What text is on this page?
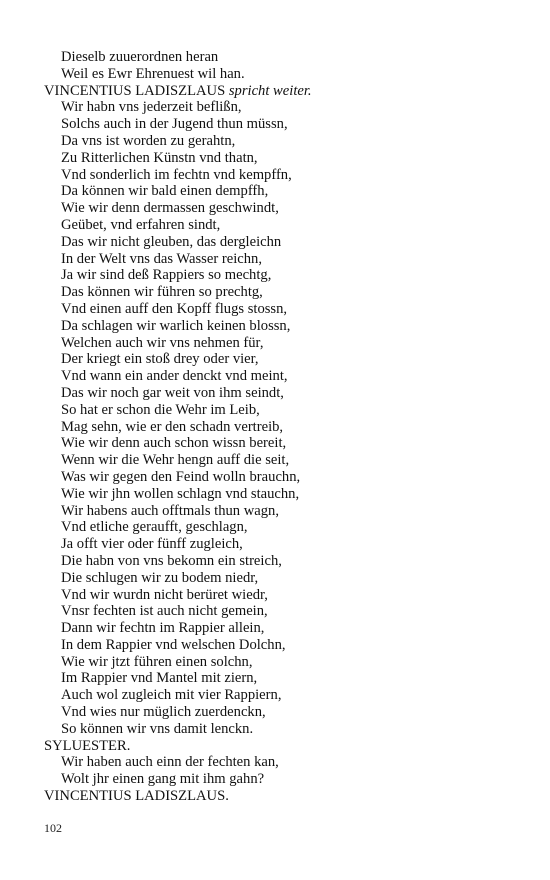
Dieselb zuuerordnen heran
Weil es Ewr Ehrenuest wil han.
VINCENTIUS LADISZLAUS spricht weiter.
Wir habn vns jederzeit beflißn,
Solchs auch in der Jugend thun müssn,
Da vns ist worden zu gerahtn,
Zu Ritterlichen Künstn vnd thatn,
Vnd sonderlich im fechtn vnd kempffn,
Da können wir bald einen dempffh,
Wie wir denn dermassen geschwindt,
Geübet, vnd erfahren sindt,
Das wir nicht gleuben, das dergleichn
In der Welt vns das Wasser reichn,
Ja wir sind deß Rappiers so mechtg,
Das können wir führen so prechtg,
Vnd einen auff den Kopff flugs stossn,
Da schlagen wir warlich keinen blossn,
Welchen auch wir vns nehmen für,
Der kriegt ein stoß drey oder vier,
Vnd wann ein ander denckt vnd meint,
Das wir noch gar weit von ihm seindt,
So hat er schon die Wehr im Leib,
Mag sehn, wie er den schadn vertreib,
Wie wir denn auch schon wissn bereit,
Wenn wir die Wehr hengn auff die seit,
Was wir gegen den Feind wolln brauchn,
Wie wir jhn wollen schlagn vnd stauchn,
Wir habens auch offtmals thun wagn,
Vnd etliche geraufft, geschlagn,
Ja offt vier oder fünff zugleich,
Die habn von vns bekomn ein streich,
Die schlugen wir zu bodem niedr,
Vnd wir wurdn nicht berüret wiedr,
Vnsr fechten ist auch nicht gemein,
Dann wir fechtn im Rappier allein,
In dem Rappier vnd welschen Dolchn,
Wie wir jtzt führen einen solchn,
Im Rappier vnd Mantel mit ziern,
Auch wol zugleich mit vier Rappiern,
Vnd wies nur müglich zuerdenckn,
So können wir vns damit lenckn.
SYLUESTER.
Wir haben auch einn der fechten kan,
Wolt jhr einen gang mit ihm gahn?
VINCENTIUS LADISZLAUS.
102
